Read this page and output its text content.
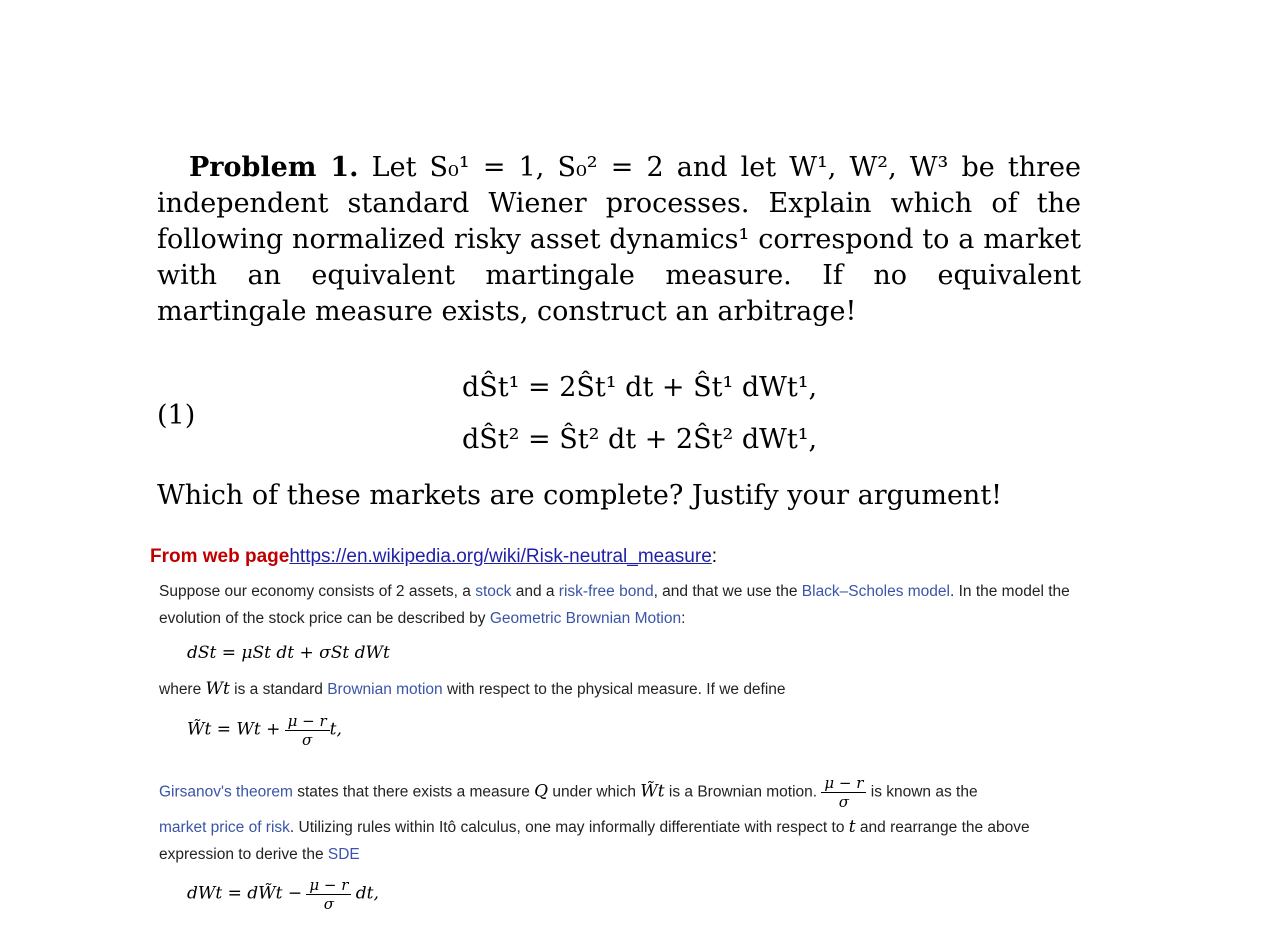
Problem 1. Let S₀¹ = 1, S₀² = 2 and let W¹, W², W³ be three independent standard Wiener processes. Explain which of the following normalized risky asset dynamics¹ correspond to a market with an equivalent martingale measure. If no equivalent martingale measure exists, construct an arbitrage!

(1)
dŜt¹ = 2Ŝt¹ dt + Ŝt¹ dWt¹,
dŜt² = Ŝt² dt + 2Ŝt² dWt¹,
Which of these markets are complete? Justify your argument!
From web pagehttps://en.wikipedia.org/wiki/Risk-neutral_measure:
Suppose our economy consists of 2 assets, a stock and a risk-free bond, and that we use the Black–Scholes model. In the model the evolution of the stock price can be described by Geometric Brownian Motion:
dSt = μSt dt + σSt dWt
where Wt is a standard Brownian motion with respect to the physical measure. If we define
W̃t = $Wt + \frac{\mu - r}{\sigma} t$,
Girsanov's theorem states that there exists a measure Q under which W̃t is a Brownian motion. $\frac{\mu - r}{\sigma}$ is known as the
market price of risk. Utilizing rules within Itô calculus, one may informally differentiate with respect to t and rearrange the above expression to derive the SDE
dWt = dW̃t − $\frac{\mu - r}{\sigma}$ dt,
